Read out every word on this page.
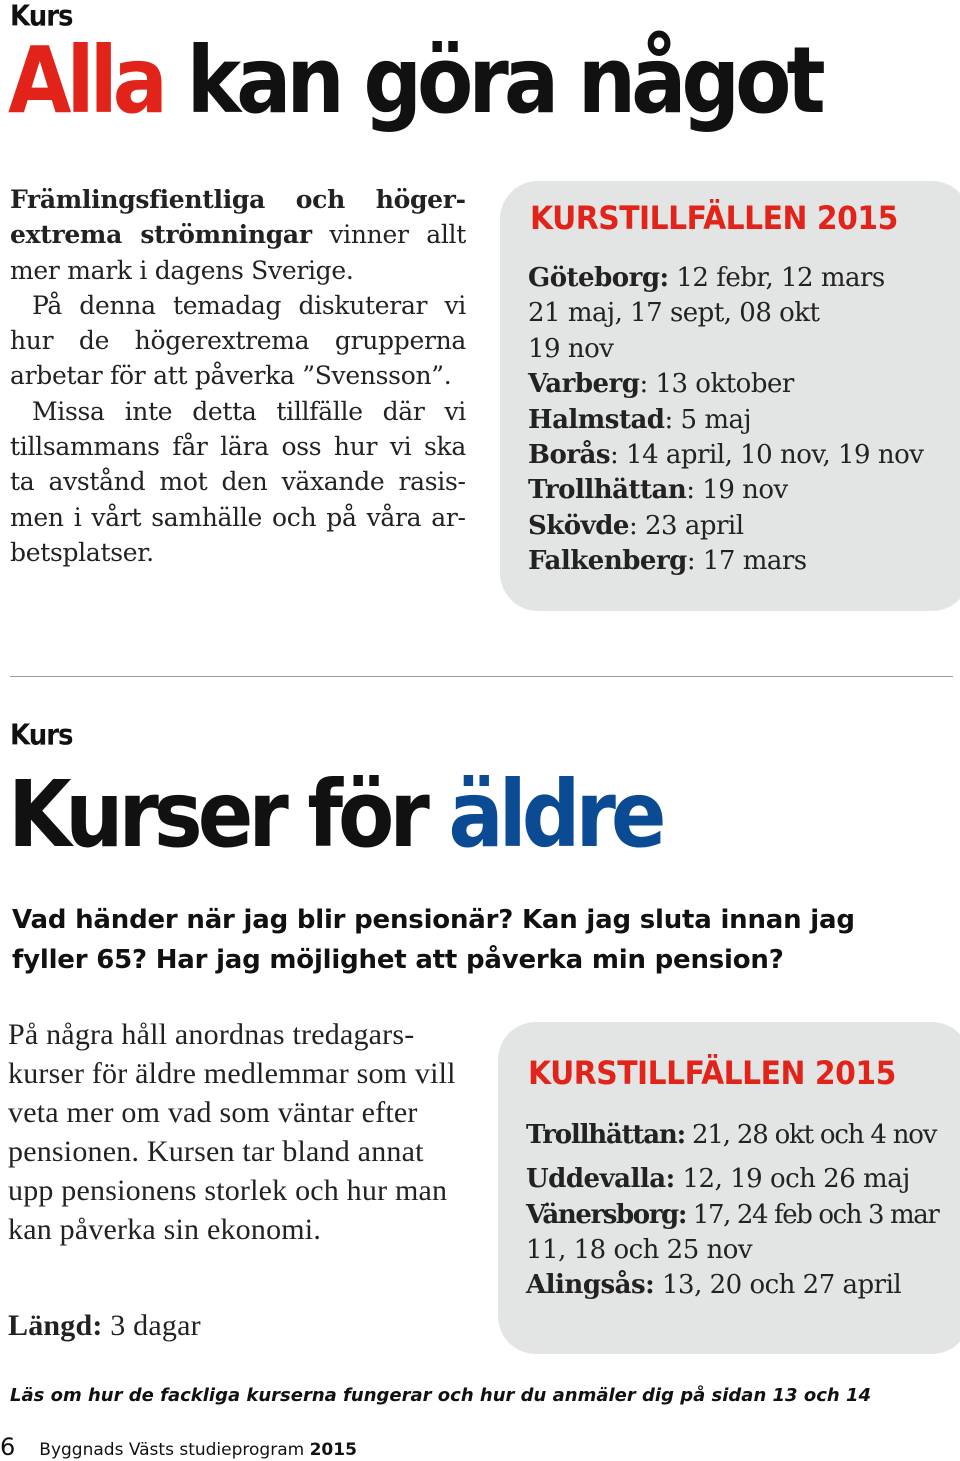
Kurs
Alla kan göra något
Främlingsfientliga och högerextrema strömningar vinner allt mer mark i dagens Sverige.
På denna temadag diskuterar vi hur de högerextrema grupperna arbetar för att påverka ”Svensson”.
Missa inte detta tillfälle där vi tillsammans får lära oss hur vi ska ta avstånd mot den växande rasismen i vårt samhälle och på våra arbetsplatser.
KURSTILLFÄLLEN 2015
Göteborg: 12 febr, 12 mars
21 maj, 17 sept, 08 okt
19 nov
Varberg: 13 oktober
Halmstad: 5 maj
Borås: 14 april, 10 nov, 19 nov
Trollhättan: 19 nov
Skövde: 23 april
Falkenberg: 17 mars
Kurs
Kurser för äldre
Vad händer när jag blir pensionär? Kan jag sluta innan jag fyller 65? Har jag möjlighet att påverka min pension?
På några håll anordnas tredagarskurser för äldre medlemmar som vill veta mer om vad som väntar efter pensionen. Kursen tar bland annat upp pensionens storlek och hur man kan påverka sin ekonomi.
Längd: 3 dagar
KURSTILLFÄLLEN 2015
Trollhättan: 21, 28 okt och 4 nov
Uddevalla: 12, 19 och 26 maj
Vänersborg: 17, 24 feb och 3 mar
11, 18 och 25 nov
Alingsås: 13, 20 och 27 april
Läs om hur de fackliga kurserna fungerar och hur du anmäler dig på sidan 13 och 14
6 Byggnads Västs studieprogram 2015
